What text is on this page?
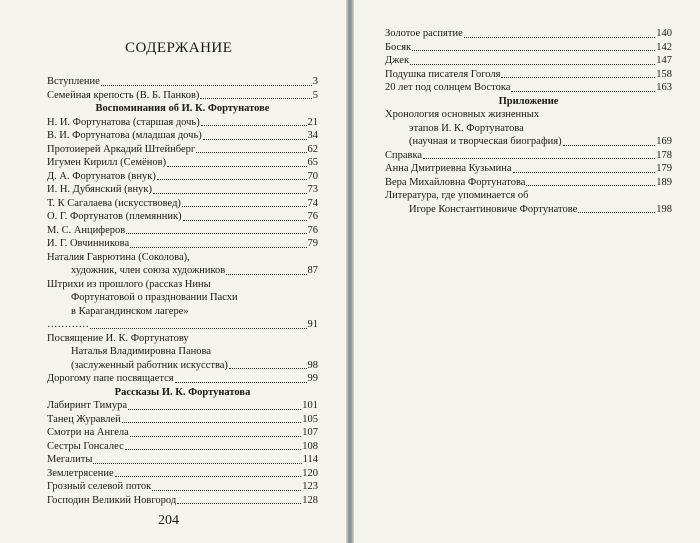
СОДЕРЖАНИЕ
Вступление	3
Семейная крепость (В. Б. Панков)	5
Воспоминания об И. К. Фортунатове
Н. И. Фортунатова (старшая дочь)	21
В. И. Фортунатова (младшая дочь)	34
Протоиерей Аркадий Штейнберг	62
Игумен Кирилл (Семёнов)	65
Д. А. Фортунатов (внук)	70
И. Н. Дубянский (внук)	73
Т. К Сагалаева (искусствовед)	74
О. Г. Фортунатов (племянник)	76
М. С. Анциферов	76
И. Г. Овчинникова	79
Наталия Гаврютина (Соколова),
художник, член союза художников	87
Штрихи из прошлого (рассказ Нины
Фортунатовой о праздновании Пасхи
в Карагандинском лагере»
…………	91
Посвящение И. К. Фортунатову
Наталья Владимировна Панова
(заслуженный работник искусства)	98
Дорогому папе посвящается	99
Рассказы И. К. Фортунатова
Лабиринт Тимура	101
Танец Журавлей	105
Смотри на Ангела	107
Сестры Гонсалес	108
Мегалиты	114
Землетрясение	120
Грозный селевой поток	123
Господин Великий Новгород	128
204
Золотое распятие	140
Босяк	142
Джек	147
Подушка писателя Гоголя	158
20 лет под солнцем Востока	163
Приложение
Хронология основных жизненных
этапов И. К. Фортунатова
(научная и творческая биография)	169
Справка	178
Анна Дмитриевна Кузьмина	179
Вера Михайловна Фортунатова	189
Литература, где упоминается об
Игоре Константиновиче Фортунатове	198
